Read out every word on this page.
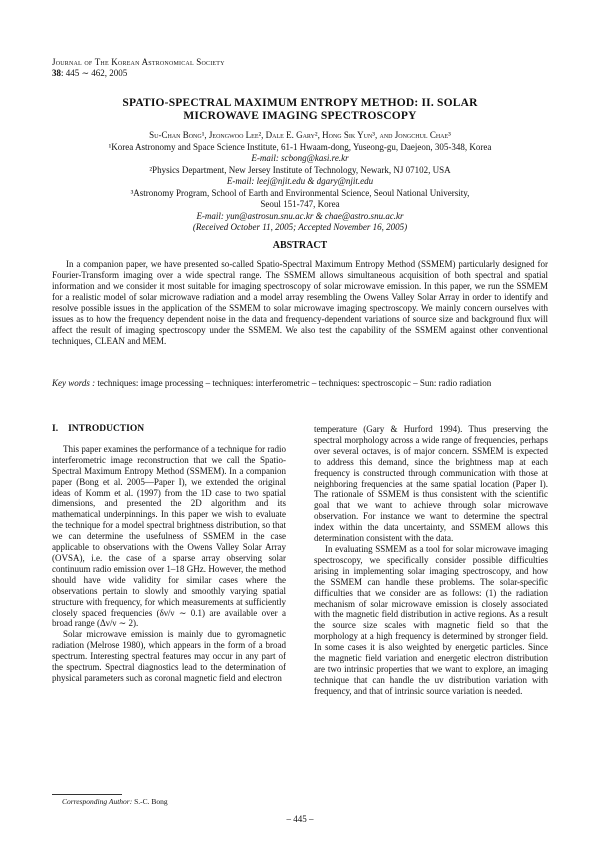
Journal of The Korean Astronomical Society
38: 445 ∼ 462, 2005
SPATIO-SPECTRAL MAXIMUM ENTROPY METHOD: II. SOLAR
MICROWAVE IMAGING SPECTROSCOPY
Su-Chan Bong¹, Jeongwoo Lee², Dale E. Gary², Hong Sik Yun³, and Jongchul Chae³
¹Korea Astronomy and Space Science Institute, 61-1 Hwaam-dong, Yuseong-gu, Daejeon, 305-348, Korea
E-mail: scbong@kasi.re.kr
²Physics Department, New Jersey Institute of Technology, Newark, NJ 07102, USA
E-mail: leej@njit.edu & dgary@njit.edu
³Astronomy Program, School of Earth and Environmental Science, Seoul National University,
Seoul 151-747, Korea
E-mail: yun@astrosun.snu.ac.kr & chae@astro.snu.ac.kr
(Received October 11, 2005; Accepted November 16, 2005)
ABSTRACT

In a companion paper, we have presented so-called Spatio-Spectral Maximum Entropy Method (SSMEM) particularly designed for Fourier-Transform imaging over a wide spectral range. The SSMEM allows simultaneous acquisition of both spectral and spatial information and we consider it most suitable for imaging spectroscopy of solar microwave emission. In this paper, we run the SSMEM for a realistic model of solar microwave radiation and a model array resembling the Owens Valley Solar Array in order to identify and resolve possible issues in the application of the SSMEM to solar microwave imaging spectroscopy. We mainly concern ourselves with issues as to how the frequency dependent noise in the data and frequency-dependent variations of source size and background flux will affect the result of imaging spectroscopy under the SSMEM. We also test the capability of the SSMEM against other conventional techniques, CLEAN and MEM.

Key words : techniques: image processing – techniques: interferometric – techniques: spectroscopic – Sun: radio radiation

I. INTRODUCTION

This paper examines the performance of a technique for radio interferometric image reconstruction that we call the Spatio-Spectral Maximum Entropy Method (SSMEM). In a companion paper (Bong et al. 2005—Paper I), we extended the original ideas of Komm et al. (1997) from the 1D case to two spatial dimensions, and presented the 2D algorithm and its mathematical underpinnings. In this paper we wish to evaluate the technique for a model spectral brightness distribution, so that we can determine the usefulness of SSMEM in the case applicable to observations with the Owens Valley Solar Array (OVSA), i.e. the case of a sparse array observing solar continuum radio emission over 1–18 GHz. However, the method should have wide validity for similar cases where the observations pertain to slowly and smoothly varying spatial structure with frequency, for which measurements at sufficiently closely spaced frequencies (δν/ν ∼ 0.1) are available over a broad range (Δν/ν ∼ 2).

Solar microwave emission is mainly due to gyromagnetic radiation (Melrose 1980), which appears in the form of a broad spectrum. Interesting spectral features may occur in any part of the spectrum. Spectral diagnostics lead to the determination of physical parameters such as coronal magnetic field and electron

temperature (Gary & Hurford 1994). Thus preserving the spectral morphology across a wide range of frequencies, perhaps over several octaves, is of major concern. SSMEM is expected to address this demand, since the brightness map at each frequency is constructed through communication with those at neighboring frequencies at the same spatial location (Paper I). The rationale of SSMEM is thus consistent with the scientific goal that we want to achieve through solar microwave observation. For instance we want to determine the spectral index within the data uncertainty, and SSMEM allows this determination consistent with the data.

In evaluating SSMEM as a tool for solar microwave imaging spectroscopy, we specifically consider possible difficulties arising in implementing solar imaging spectroscopy, and how the SSMEM can handle these problems. The solar-specific difficulties that we consider are as follows: (1) the radiation mechanism of solar microwave emission is closely associated with the magnetic field distribution in active regions. As a result the source size scales with magnetic field so that the morphology at a high frequency is determined by stronger field. In some cases it is also weighted by energetic particles. Since the magnetic field variation and energetic electron distribution are two intrinsic properties that we want to explore, an imaging technique that can handle the uv distribution variation with frequency, and that of intrinsic source variation is needed.

Corresponding Author: S.-C. Bong
– 445 –
